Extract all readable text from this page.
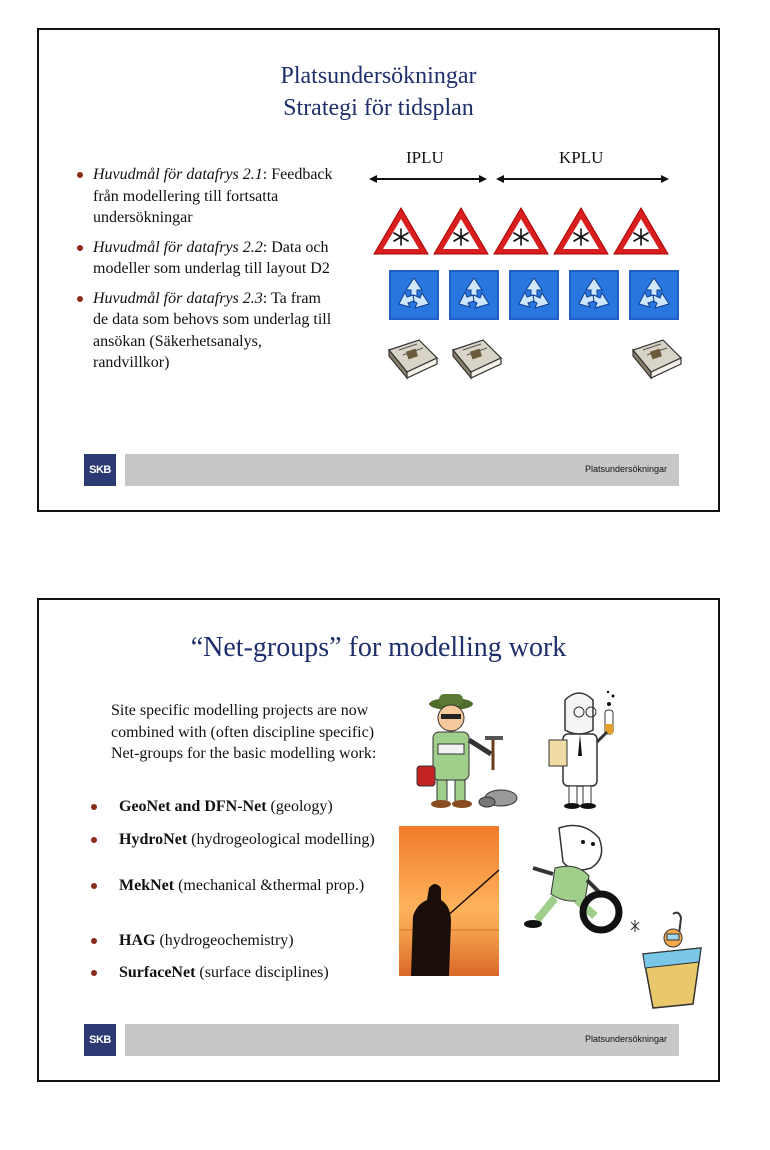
Platsundersökningar
Strategi för tidsplan
Huvudmål för datafrys 2.1: Feedback från modellering till fortsatta undersökningar
Huvudmål för datafrys 2.2: Data och modeller som underlag till layout D2
Huvudmål för datafrys 2.3: Ta fram de data som behovs som underlag till ansökan (Säkerhetsanalys, randvillkor)
IPLU	KPLU
SKB	Platsundersökningar
“Net-groups” for modelling work
Site specific modelling projects are now combined with (often discipline specific) Net-groups for the basic modelling work:
GeoNet and DFN-Net (geology)
HydroNet (hydrogeological modelling)
MekNet (mechanical &thermal prop.)
HAG (hydrogeochemistry)
SurfaceNet (surface disciplines)
SKB	Platsundersökningar
